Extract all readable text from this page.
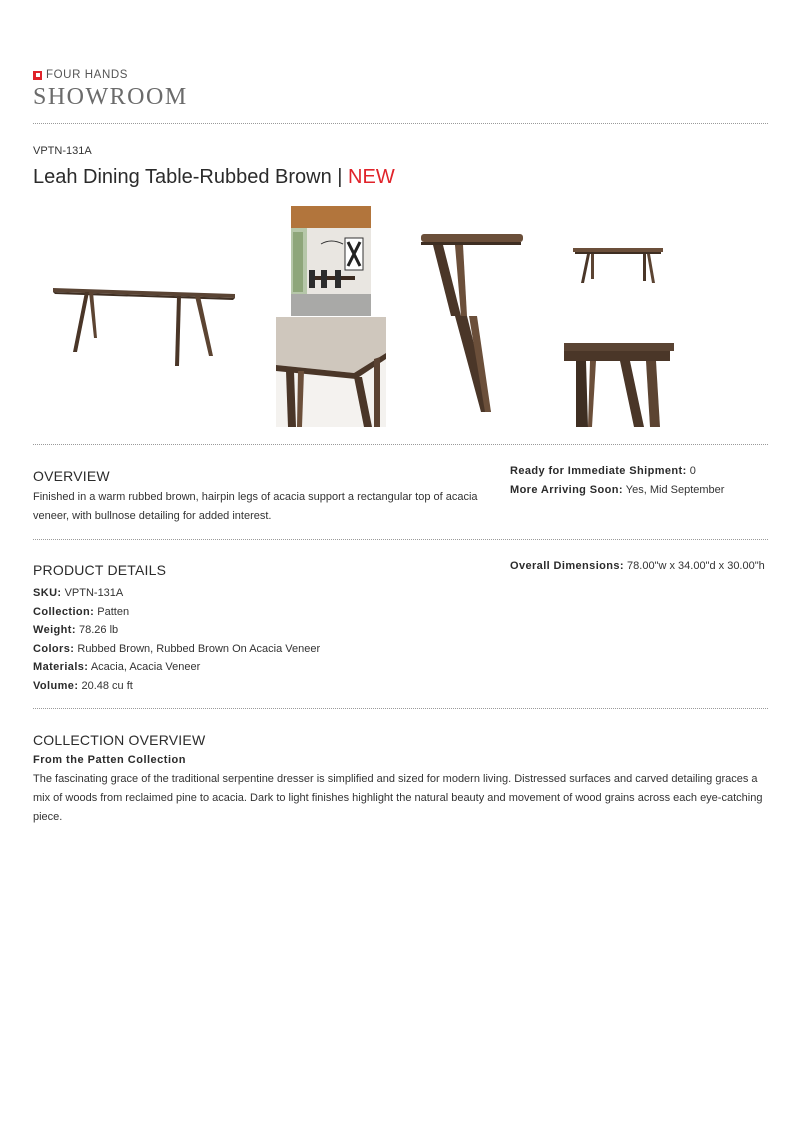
FOUR HANDS
SHOWROOM
VPTN-131A
Leah Dining Table-Rubbed Brown | NEW
OVERVIEW
Finished in a warm rubbed brown, hairpin legs of acacia support a rectangular top of acacia veneer, with bullnose detailing for added interest.
Ready for Immediate Shipment: 0
More Arriving Soon: Yes, Mid September
PRODUCT DETAILS	Overall Dimensions: 78.00"w x 34.00"d x 30.00"h
SKU: VPTN-131A
Collection: Patten
Weight: 78.26 lb
Colors: Rubbed Brown, Rubbed Brown On Acacia Veneer
Materials: Acacia, Acacia Veneer
Volume: 20.48 cu ft
COLLECTION OVERVIEW
From the Patten Collection
The fascinating grace of the traditional serpentine dresser is simplified and sized for modern living. Distressed surfaces and carved detailing graces a mix of woods from reclaimed pine to acacia. Dark to light finishes highlight the natural beauty and movement of wood grains across each eye-catching piece.
